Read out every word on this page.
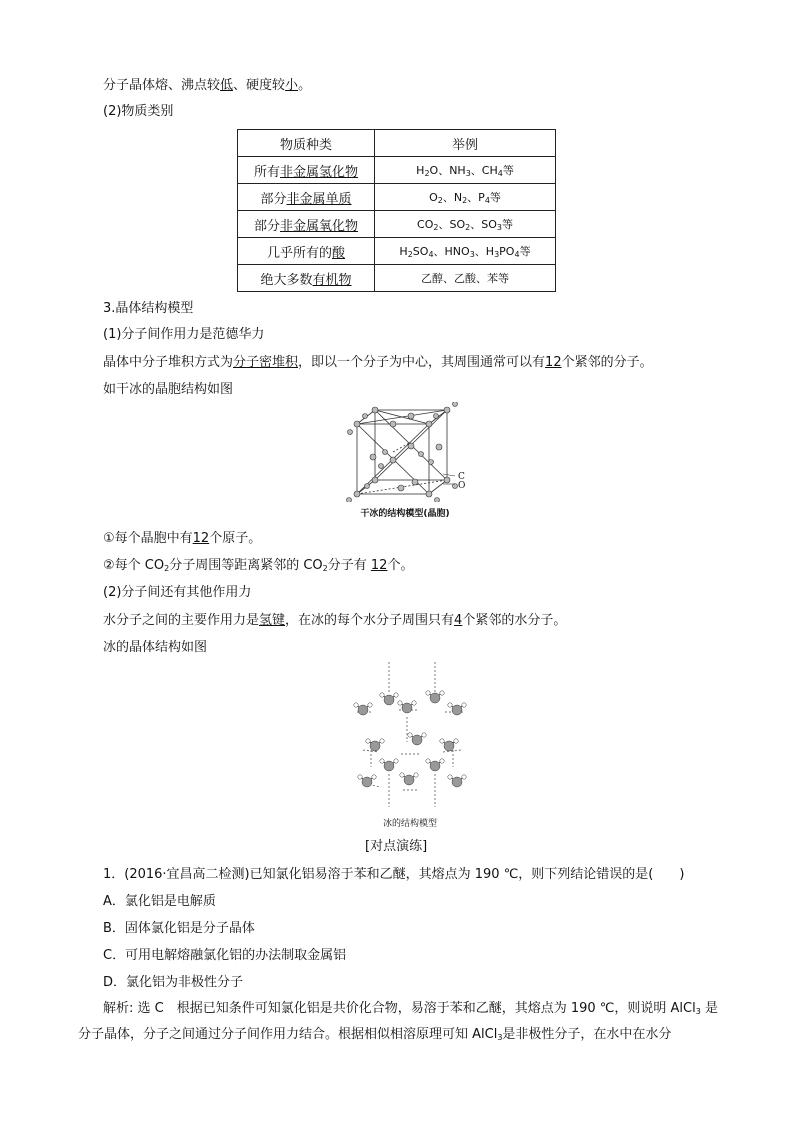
分子晶体熔、沸点较低、硬度较小。
(2)物质类别
物质种类	举例
所有非金属氢化物	$H_2O$、$NH_3$、$CH_4$等
部分非金属单质	$O_2$、$N_2$、$P_4$等
部分非金属氧化物	$CO_2$、$SO_2$、$SO_3$等
几乎所有的酸	$H_2SO_4$、$HNO_3$、$H_3PO_4$等
绝大多数有机物	乙醇、乙酸、苯等
3.晶体结构模型
(1)分子间作用力是范德华力
晶体中分子堆积方式为分子密堆积，即以一个分子为中心，其周围通常可以有12个紧邻的分子。
如干冰的晶胞结构如图
C
O
干冰的结构模型(晶胞)
①每个晶胞中有12个原子。
②每个 $CO_2$分子周围等距离紧邻的 $CO_2$分子有 12个。
(2)分子间还有其他作用力
水分子之间的主要作用力是氢键，在冰的每个水分子周围只有4个紧邻的水分子。
冰的晶体结构如图
冰的结构模型
[对点演练]
1．(2016·宜昌高二检测)已知氯化铝易溶于苯和乙醚，其熔点为 190 ℃，则下列结论错误的是(　　)
A．氯化铝是电解质
B．固体氯化铝是分子晶体
C．可用电解熔融氯化铝的办法制取金属铝
D．氯化铝为非极性分子
解析: 选 C　根据已知条件可知氯化铝是共价化合物，易溶于苯和乙醚，其熔点为 190 ℃，则说明 AlCl$_3$ 是分子晶体，分子之间通过分子间作用力结合。根据相似相溶原理可知 AlCl$_3$是非极性分子，在水中在水分
